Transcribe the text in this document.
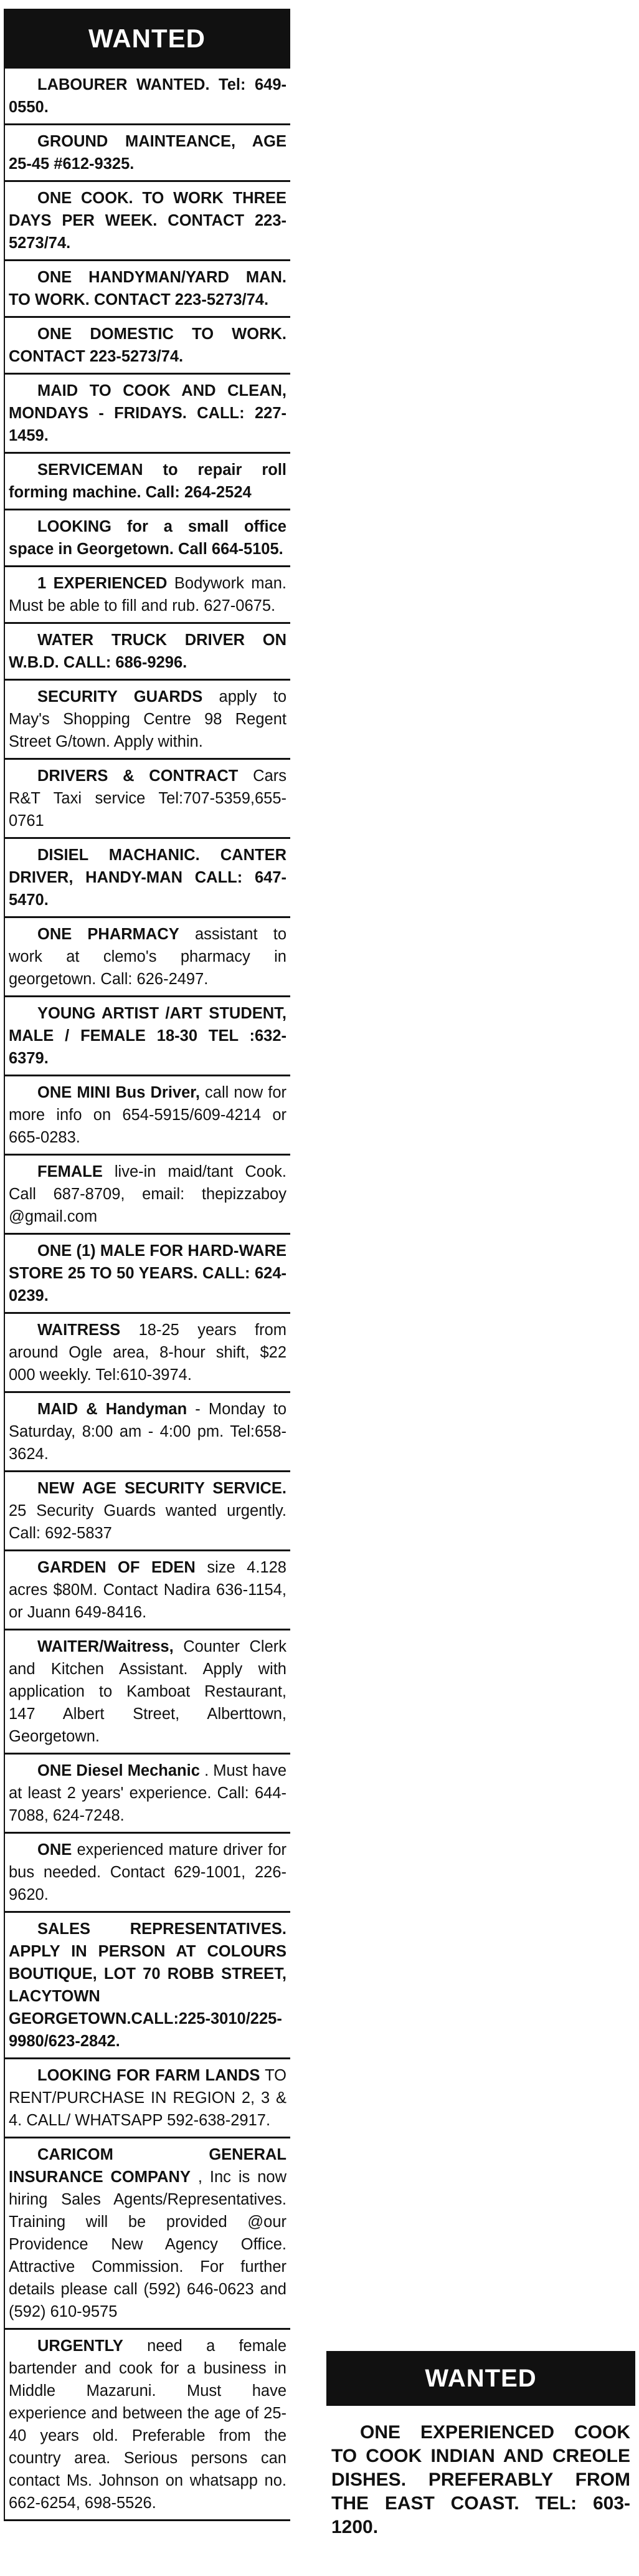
WANTED
LABOURER WANTED. Tel: 649-0550.
GROUND MAINTEANCE, AGE 25-45 #612-9325.
ONE COOK. TO WORK THREE DAYS PER WEEK. CONTACT 223-5273/74.
ONE HANDYMAN/YARD MAN. TO WORK. CONTACT 223-5273/74.
ONE DOMESTIC TO WORK. CONTACT 223-5273/74.
MAID TO COOK AND CLEAN, MONDAYS - FRIDAYS. CALL: 227-1459.
SERVICEMAN to repair roll forming machine. Call: 264-2524
LOOKING for a small office space in Georgetown. Call 664-5105.
1 EXPERIENCED Bodywork man. Must be able to fill and rub. 627-0675.
WATER TRUCK DRIVER ON W.B.D. CALL: 686-9296.
SECURITY GUARDS apply to May's Shopping Centre 98 Regent Street G/town. Apply within.
DRIVERS & CONTRACT Cars R&T Taxi service Tel:707-5359,655-0761
DISIEL MACHANIC. CANTER DRIVER, HANDY-MAN CALL: 647-5470.
ONE PHARMACY assistant to work at clemo's pharmacy in georgetown. Call: 626-2497.
YOUNG ARTIST /ART STUDENT, MALE / FEMALE 18-30 TEL :632-6379.
ONE MINI Bus Driver, call now for more info on 654-5915/609-4214 or 665-0283.
FEMALE live-in maid/tant Cook. Call 687-8709, email: thepizzaboy @gmail.com
ONE (1) MALE FOR HARD-WARE STORE 25 TO 50 YEARS. CALL: 624-0239.
WAITRESS 18-25 years from around Ogle area, 8-hour shift, $22 000 weekly. Tel:610-3974.
MAID & Handyman - Monday to Saturday, 8:00 am - 4:00 pm. Tel:658-3624.
NEW AGE SECURITY SERVICE. 25 Security Guards wanted urgently. Call: 692-5837
GARDEN OF EDEN size 4.128 acres $80M. Contact Nadira 636-1154, or Juann 649-8416.
WAITER/Waitress, Counter Clerk and Kitchen Assistant. Apply with application to Kamboat Restaurant, 147 Albert Street, Alberttown, Georgetown.
ONE Diesel Mechanic . Must have at least 2 years' experience. Call: 644-7088, 624-7248.
ONE experienced mature driver for bus needed. Contact 629-1001, 226-9620.
SALES REPRESENTATIVES. APPLY IN PERSON AT COLOURS BOUTIQUE, LOT 70 ROBB STREET, LACYTOWN GEORGETOWN.CALL:225-3010/225-9980/623-2842.
LOOKING FOR FARM LANDS TO RENT/PURCHASE IN REGION 2, 3 & 4. CALL/ WHATSAPP 592-638-2917.
CARICOM GENERAL INSURANCE COMPANY , Inc is now hiring Sales Agents/Representatives. Training will be provided @our Providence New Agency Office. Attractive Commission. For further details please call (592) 646-0623 and (592) 610-9575
URGENTLY need a female bartender and cook for a business in Middle Mazaruni. Must have experience and between the age of 25-40 years old. Preferable from the country area. Serious persons can contact Ms. Johnson on whatsapp no. 662-6254, 698-5526.
WANTED
ONE EXPERIENCED COOK TO COOK INDIAN AND CREOLE DISHES. PREFERABLY FROM THE EAST COAST. TEL: 603-1200.
